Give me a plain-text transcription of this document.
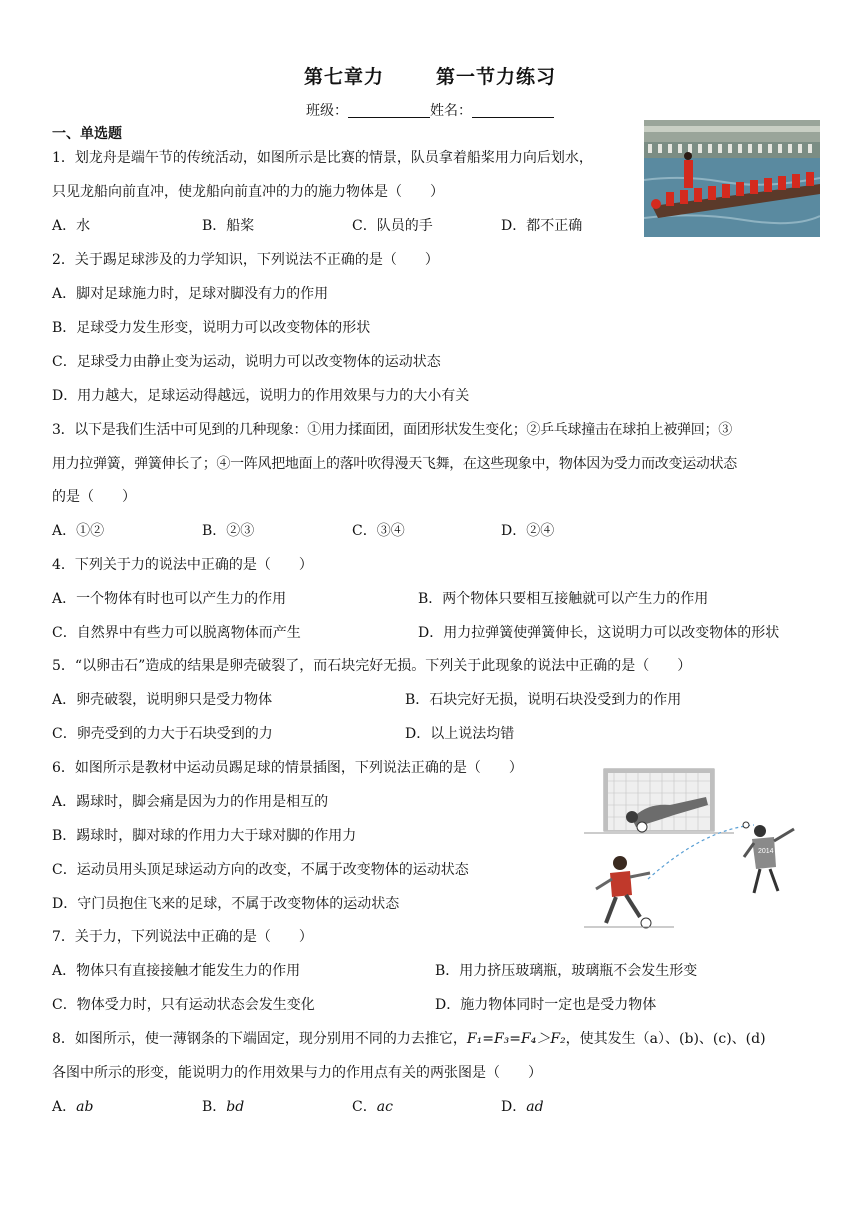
第七章力	第一节力练习
班级：	姓名：
一、单选题
1．划龙舟是端午节的传统活动，如图所示是比赛的情景，队员拿着船桨用力向后划水，
只见龙船向前直冲，使龙船向前直冲的力的施力物体是（　　）
A．水	B．船桨	C．队员的手	D．都不正确
2．关于踢足球涉及的力学知识，下列说法不正确的是（　　）
A．脚对足球施力时，足球对脚没有力的作用
B．足球受力发生形变，说明力可以改变物体的形状
C．足球受力由静止变为运动，说明力可以改变物体的运动状态
D．用力越大，足球运动得越远，说明力的作用效果与力的大小有关
3．以下是我们生活中可见到的几种现象：①用力揉面团，面团形状发生变化；②乒乓球撞击在球拍上被弹回；③
用力拉弹簧，弹簧伸长了；④一阵风把地面上的落叶吹得漫天飞舞，在这些现象中，物体因为受力而改变运动状态
的是（　　）
A．①②	B．②③	C．③④	D．②④
4．下列关于力的说法中正确的是（　　）
A．一个物体有时也可以产生力的作用	B．两个物体只要相互接触就可以产生力的作用
C．自然界中有些力可以脱离物体而产生	D．用力拉弹簧使弹簧伸长，这说明力可以改变物体的形状
5．“以卵击石”造成的结果是卵壳破裂了，而石块完好无损。下列关于此现象的说法中正确的是（　　）
A．卵壳破裂，说明卵只是受力物体	B．石块完好无损，说明石块没受到力的作用
C．卵壳受到的力大于石块受到的力	D．以上说法均错
6．如图所示是教材中运动员踢足球的情景插图，下列说法正确的是（　　）
A．踢球时，脚会痛是因为力的作用是相互的
B．踢球时，脚对球的作用力大于球对脚的作用力
C．运动员用头顶足球运动方向的改变，不属于改变物体的运动状态
D．守门员抱住飞来的足球，不属于改变物体的运动状态
2014
7．关于力，下列说法中正确的是（　　）
A．物体只有直接接触才能发生力的作用	B．用力挤压玻璃瓶，玻璃瓶不会发生形变
C．物体受力时，只有运动状态会发生变化	D．施力物体同时一定也是受力物体
8．如图所示，使一薄钢条的下端固定，现分别用不同的力去推它，F₁=F₃=F₄＞F₂，使其发生（a）、(b)、(c)、(d)
各图中所示的形变，能说明力的作用效果与力的作用点有关的两张图是（　　）
A．ab	B．bd	C．ac	D．ad
